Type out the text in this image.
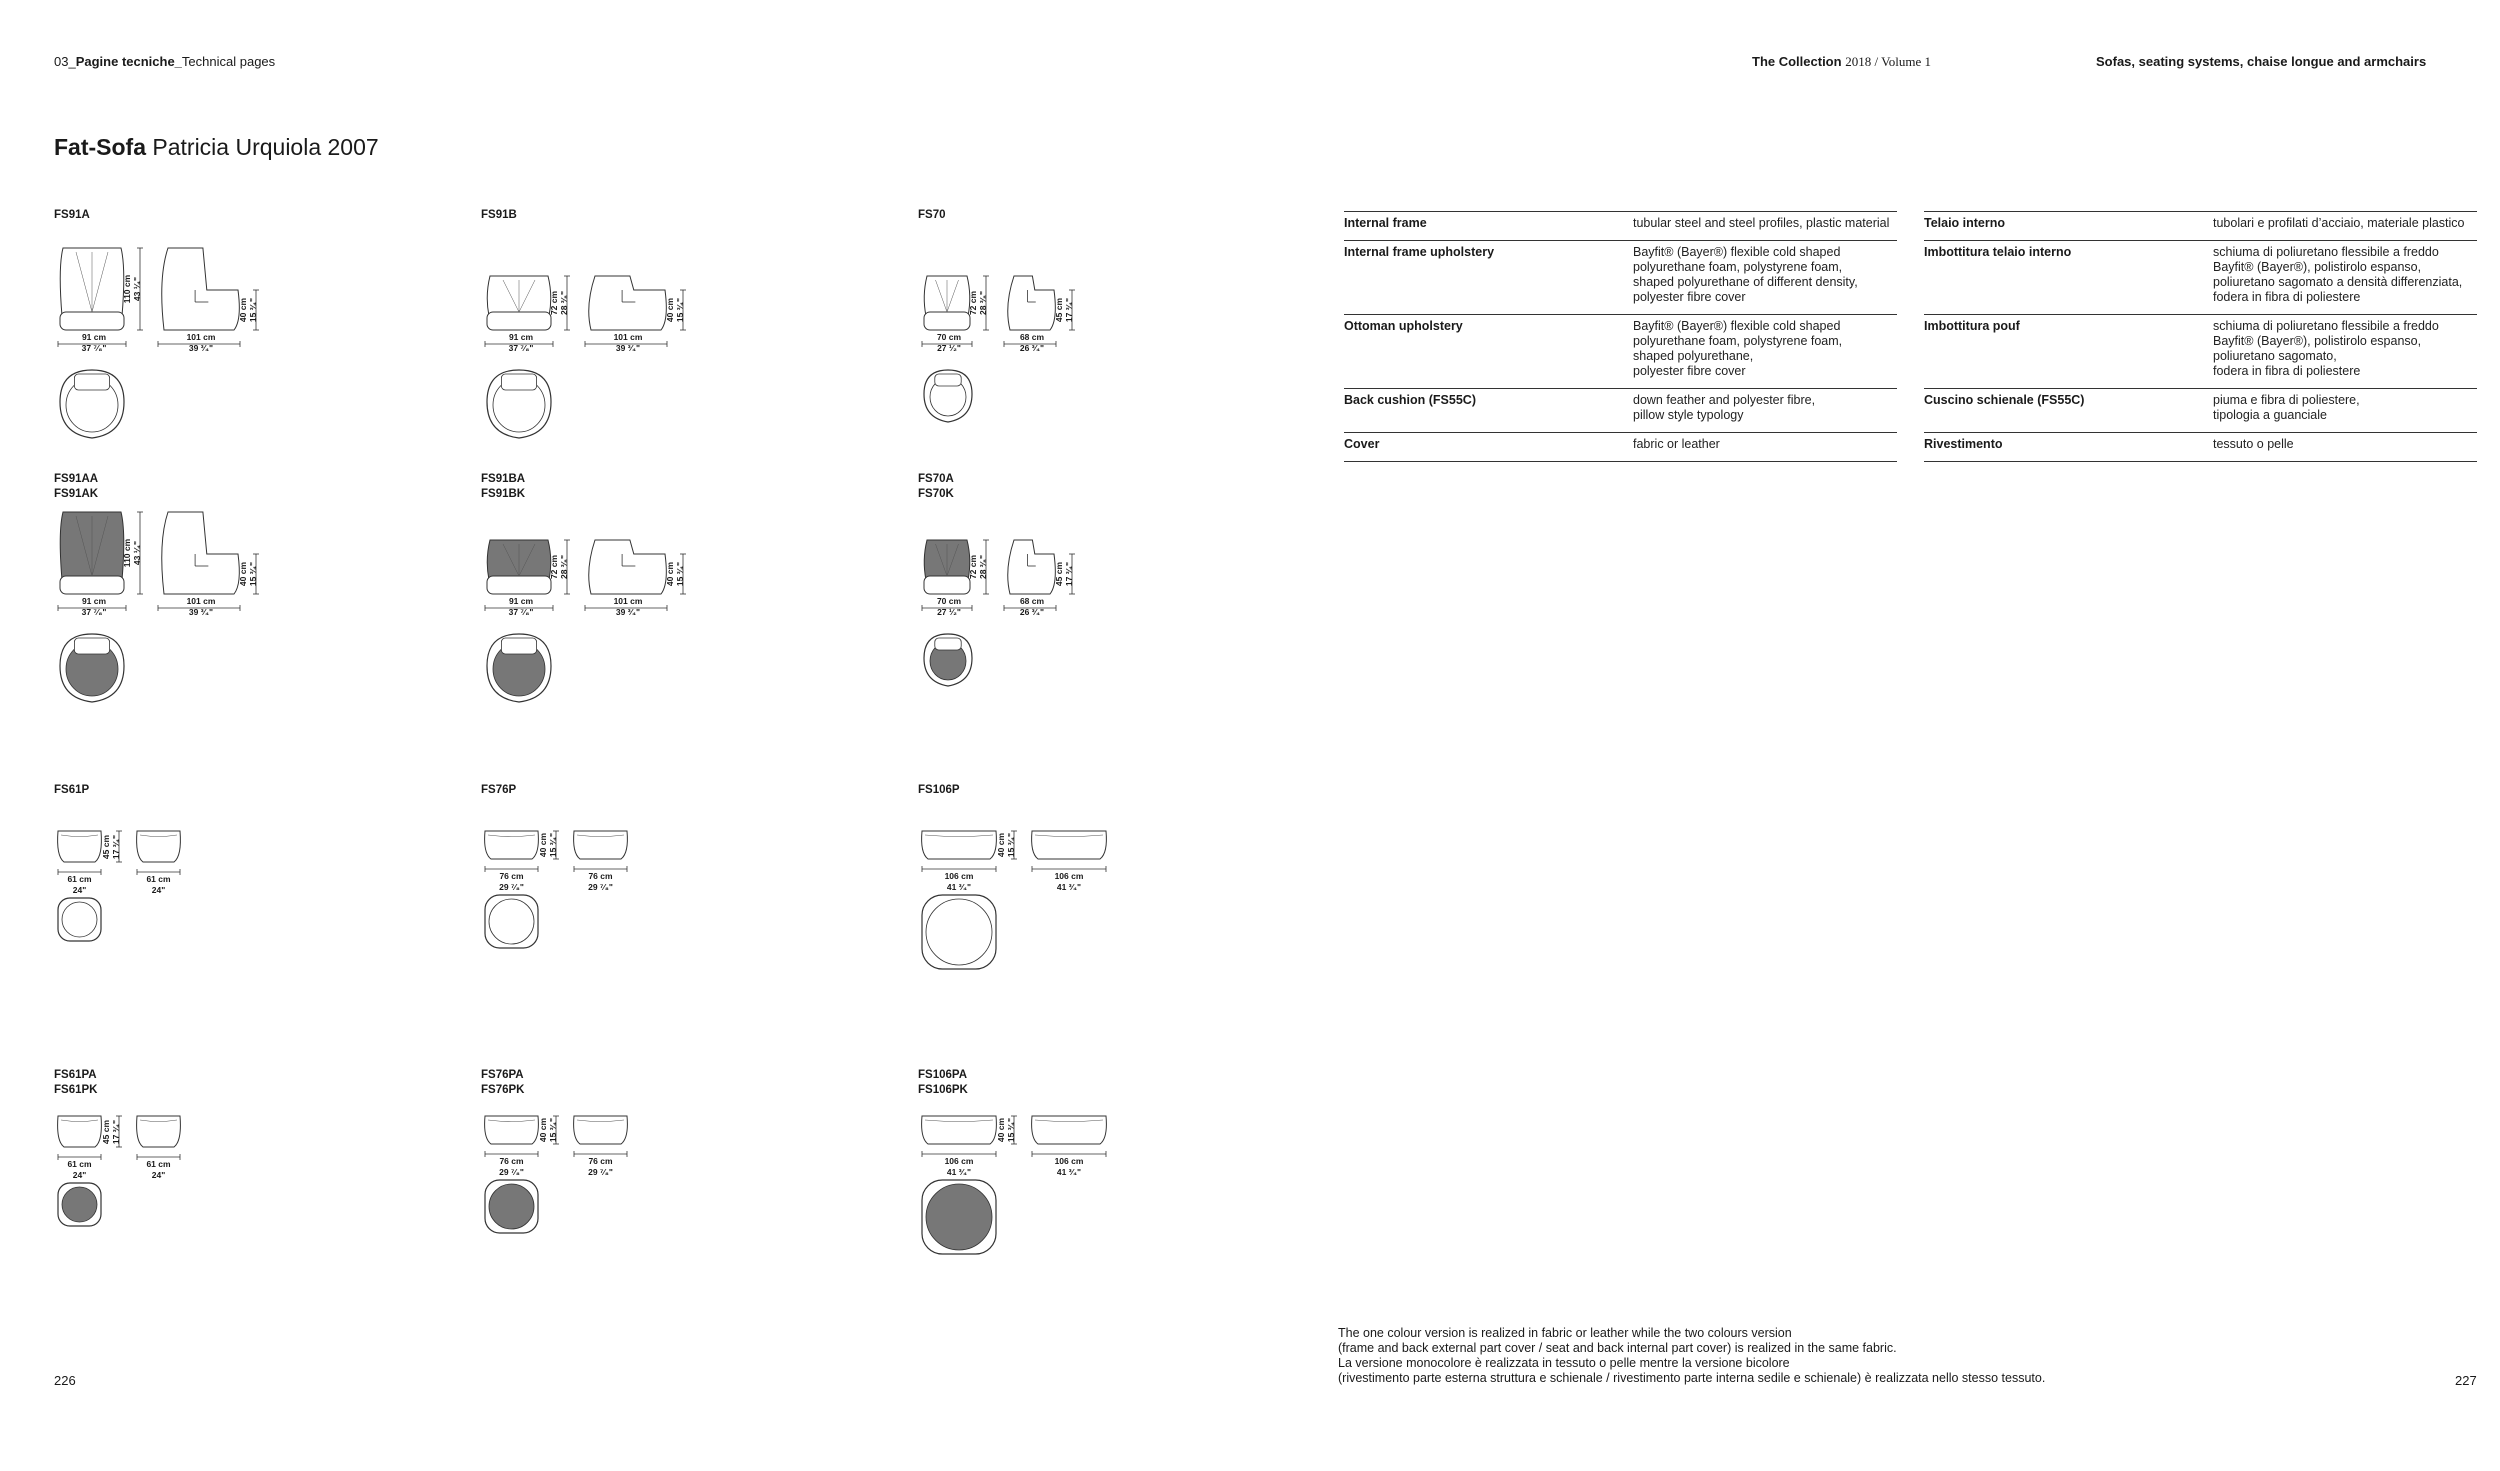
03_Pagine tecniche_Technical pages	The Collection 2018 / Volume 1	Sofas, seating systems, chaise longue and armchairs
Fat-Sofa Patricia Urquiola 2007
FS91A
110 cm 43 ¹⁄₄"
91 cm
37 ⁷⁄₈"
40 cm 15 ³⁄₄"
101 cm
39 ³⁄₄"
FS91B
72 cm 28 ³⁄₈"
91 cm
37 ⁷⁄₈"
40 cm 15 ³⁄₄"
101 cm
39 ³⁄₄"
FS70
72 cm 28 ³⁄₈"
70 cm
27 ¹⁄₂"
45 cm 17 ³⁄₄"
68 cm
26 ³⁄₄"
FS91AA
FS91AK
110 cm 43 ¹⁄₄"
91 cm
37 ⁷⁄₈"
40 cm 15 ³⁄₄"
101 cm
39 ³⁄₄"
FS91BA
FS91BK
72 cm 28 ³⁄₈"
91 cm
37 ⁷⁄₈"
40 cm 15 ³⁄₄"
101 cm
39 ³⁄₄"
FS70A
FS70K
72 cm 28 ³⁄₈"
70 cm
27 ¹⁄₂"
45 cm 17 ³⁄₄"
68 cm
26 ³⁄₄"
FS61P
45 cm 17 ³⁄₄"
61 cm
24"
61 cm
24"
FS76P
40 cm 15 ³⁄₄"
76 cm
29 ⁷⁄₈"
76 cm
29 ⁷⁄₈"
FS106P
40 cm 15 ³⁄₄"
106 cm
41 ³⁄₄"
106 cm
41 ³⁄₄"
FS61PA
FS61PK
45 cm 17 ³⁄₄"
61 cm
24"
61 cm
24"
FS76PA
FS76PK
40 cm 15 ³⁄₄"
76 cm
29 ⁷⁄₈"
76 cm
29 ⁷⁄₈"
FS106PA
FS106PK
40 cm 15 ³⁄₄"
106 cm
41 ³⁄₄"
106 cm
41 ³⁄₄"
Internal frame	tubular steel and steel profiles, plastic material
Internal frame upholstery	Bayfit® (Bayer®) flexible cold shaped
polyurethane foam, polystyrene foam,
shaped polyurethane of different density,
polyester fibre cover
Ottoman upholstery	Bayfit® (Bayer®) flexible cold shaped
polyurethane foam, polystyrene foam,
shaped polyurethane,
polyester fibre cover
Back cushion (FS55C)	down feather and polyester fibre,
pillow style typology
Cover	fabric or leather

Telaio interno	tubolari e profilati d’acciaio, materiale plastico
Imbottitura telaio interno	schiuma di poliuretano flessibile a freddo
Bayfit® (Bayer®), polistirolo espanso,
poliuretano sagomato a densità differenziata,
fodera in fibra di poliestere
Imbottitura pouf	schiuma di poliuretano flessibile a freddo
Bayfit® (Bayer®), polistirolo espanso,
poliuretano sagomato,
fodera in fibra di poliestere
Cuscino schienale (FS55C)	piuma e fibra di poliestere,
tipologia a guanciale
Rivestimento	tessuto o pelle

The one colour version is realized in fabric or leather while the two colours version
(frame and back external part cover / seat and back internal part cover) is realized in the same fabric.
La versione monocolore è realizzata in tessuto o pelle mentre la versione bicolore
(rivestimento parte esterna struttura e schienale / rivestimento parte interna sedile e schienale) è realizzata nello stesso tessuto.
226	227
